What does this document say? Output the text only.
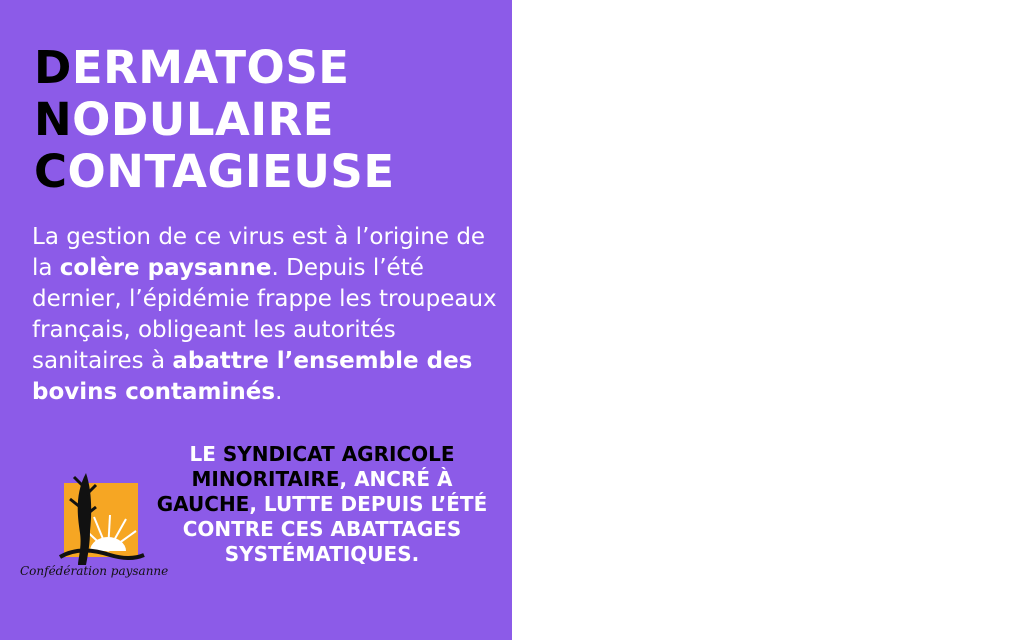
DERMATOSE
NODULAIRE
CONTAGIEUSE

La gestion de ce virus est à l’origine de la colère paysanne. Depuis l’été dernier, l’épidémie frappe les troupeaux français, obligeant les autorités sanitaires à abattre l’ensemble des bovins contaminés.

Confédération paysanne

LE SYNDICAT AGRICOLE MINORITAIRE, ANCRÉ À GAUCHE, LUTTE DEPUIS L’ÉTÉ CONTRE CES ABATTAGES SYSTÉMATIQUES.
